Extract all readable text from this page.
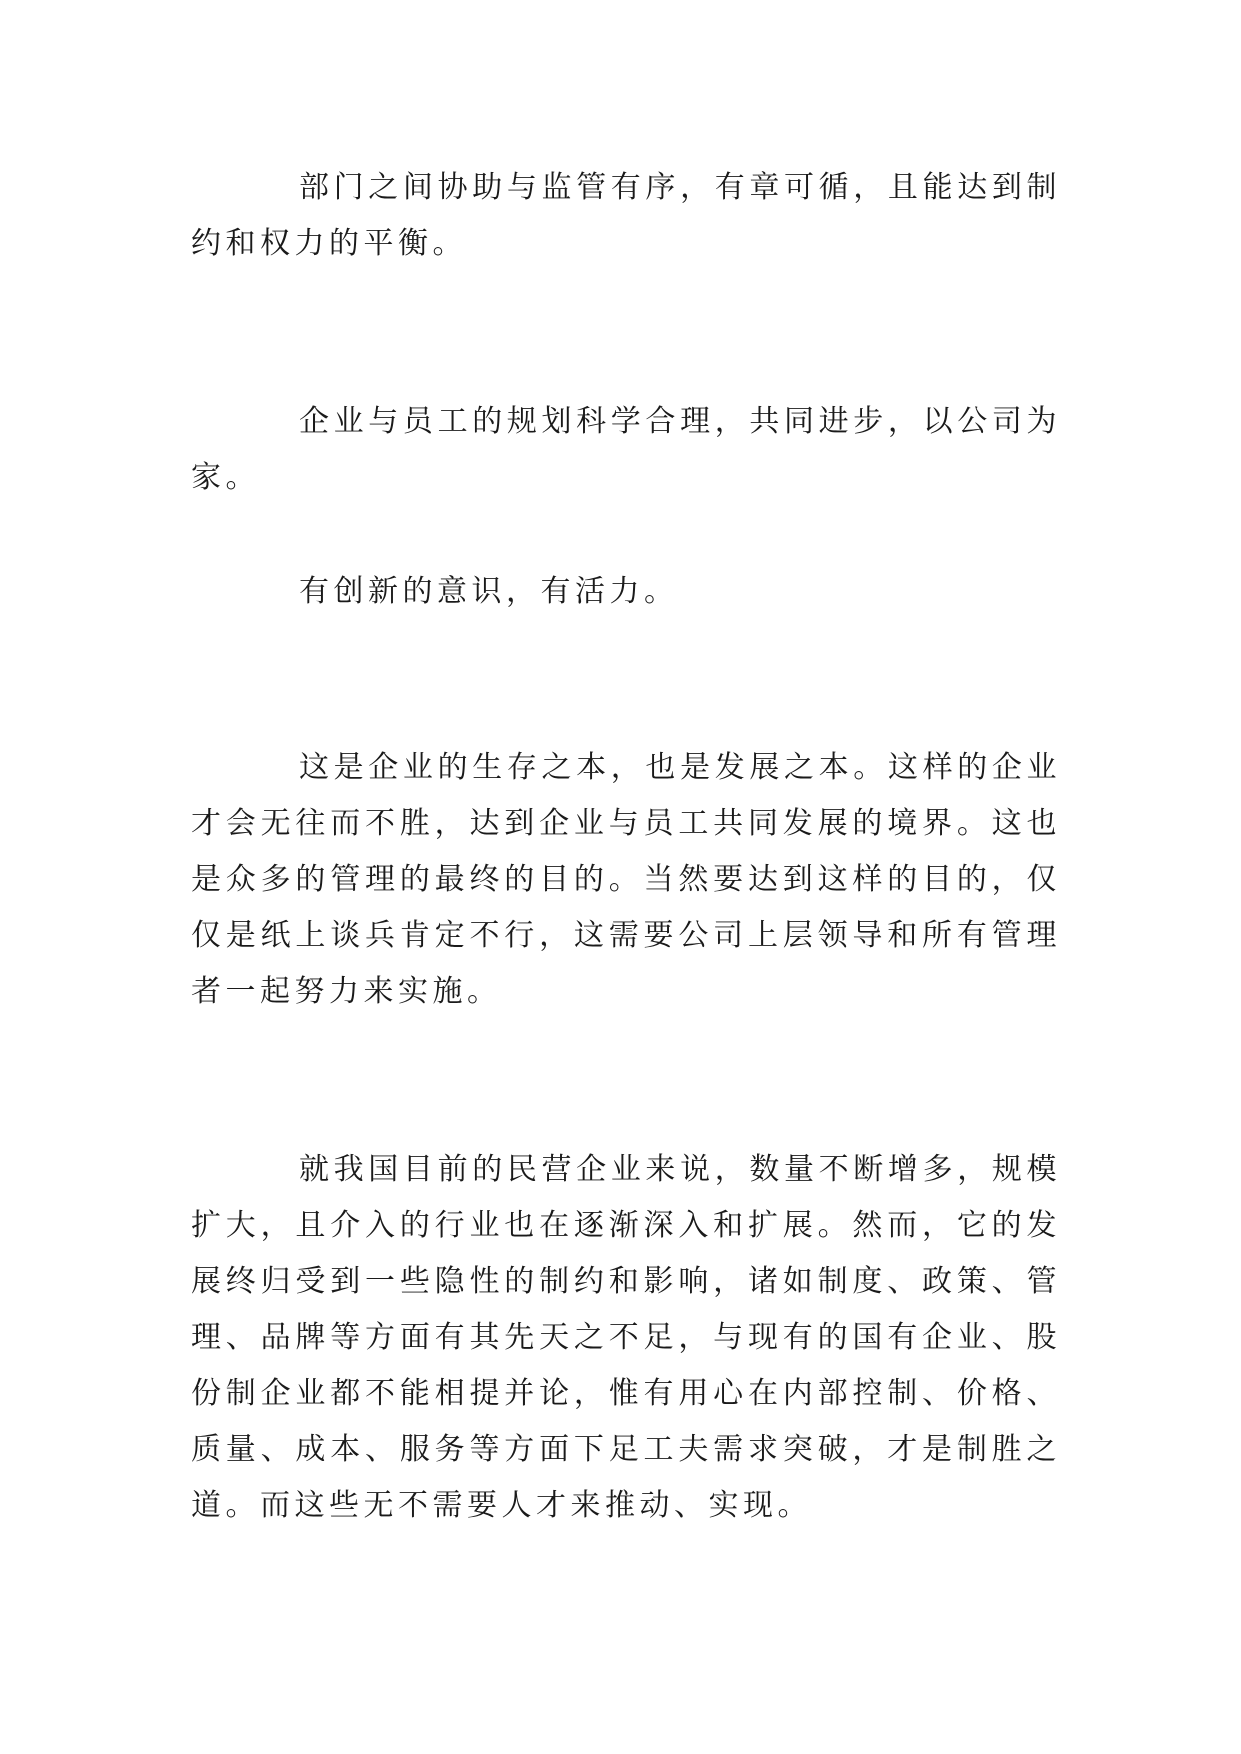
部门之间协助与监管有序，有章可循，且能达到制约和权力的平衡。

企业与员工的规划科学合理，共同进步，以公司为家。

有创新的意识，有活力。

这是企业的生存之本，也是发展之本。这样的企业才会无往而不胜，达到企业与员工共同发展的境界。这也是众多的管理的最终的目的。当然要达到这样的目的，仅仅是纸上谈兵肯定不行，这需要公司上层领导和所有管理者一起努力来实施。

就我国目前的民营企业来说，数量不断增多，规模扩大，且介入的行业也在逐渐深入和扩展。然而，它的发展终归受到一些隐性的制约和影响，诸如制度、政策、管理、品牌等方面有其先天之不足，与现有的国有企业、股份制企业都不能相提并论，惟有用心在内部控制、价格、质量、成本、服务等方面下足工夫需求突破，才是制胜之道。而这些无不需要人才来推动、实现。
